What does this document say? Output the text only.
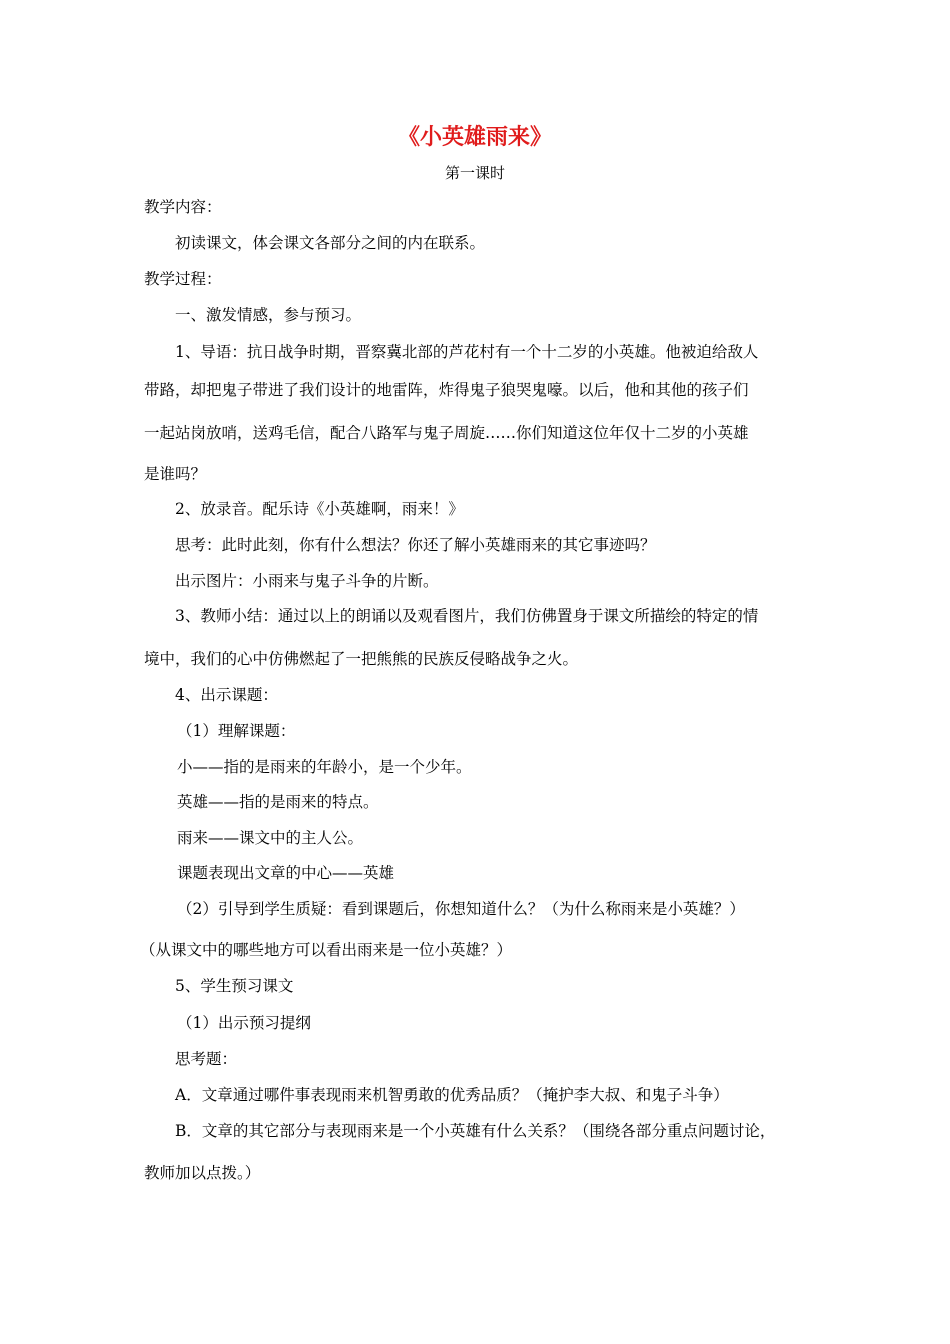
《小英雄雨来》
第一课时
教学内容：
初读课文，体会课文各部分之间的内在联系。
教学过程：
一、激发情感，参与预习。
1、导语：抗日战争时期，晋察冀北部的芦花村有一个十二岁的小英雄。他被迫给敌人
带路，却把鬼子带进了我们设计的地雷阵，炸得鬼子狼哭鬼嚎。以后，他和其他的孩子们
一起站岗放哨，送鸡毛信，配合八路军与鬼子周旋……你们知道这位年仅十二岁的小英雄
是谁吗？
2、放录音。配乐诗《小英雄啊，雨来！》
思考：此时此刻，你有什么想法？你还了解小英雄雨来的其它事迹吗？
出示图片：小雨来与鬼子斗争的片断。
3、教师小结：通过以上的朗诵以及观看图片，我们仿佛置身于课文所描绘的特定的情
境中，我们的心中仿佛燃起了一把熊熊的民族反侵略战争之火。
4、出示课题：
（1）理解课题：
小——指的是雨来的年龄小，是一个少年。
英雄——指的是雨来的特点。
雨来——课文中的主人公。
课题表现出文章的中心——英雄
（2）引导到学生质疑：看到课题后，你想知道什么？（为什么称雨来是小英雄？）
（从课文中的哪些地方可以看出雨来是一位小英雄？）
5、学生预习课文
（1）出示预习提纲
思考题：
A．文章通过哪件事表现雨来机智勇敢的优秀品质？（掩护李大叔、和鬼子斗争）
B．文章的其它部分与表现雨来是一个小英雄有什么关系？（围绕各部分重点问题讨论，
教师加以点拨。）
